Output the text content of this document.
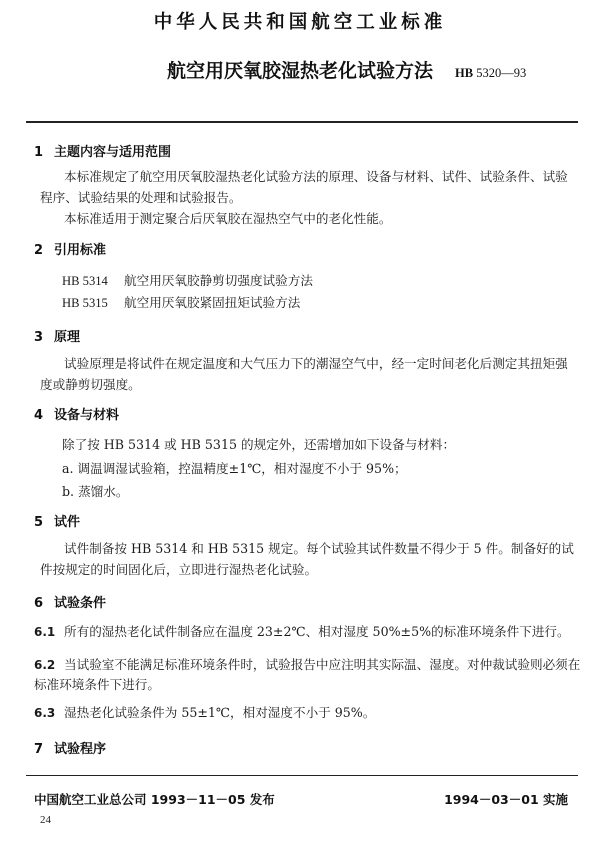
中华人民共和国航空工业标准
航空用厌氧胶湿热老化试验方法	HB 5320—93
1 主题内容与适用范围
本标准规定了航空用厌氧胶湿热老化试验方法的原理、设备与材料、试件、试验条件、试验程序、试验结果的处理和试验报告。
本标准适用于测定聚合后厌氧胶在湿热空气中的老化性能。
2 引用标准
HB 5314 航空用厌氧胶静剪切强度试验方法
HB 5315 航空用厌氧胶紧固扭矩试验方法
3 原理
试验原理是将试件在规定温度和大气压力下的潮湿空气中，经一定时间老化后测定其扭矩强度或静剪切强度。
4 设备与材料
除了按 HB 5314 或 HB 5315 的规定外，还需增加如下设备与材料：
a. 调温调湿试验箱，控温精度±1℃，相对湿度不小于 95%；
b. 蒸馏水。
5 试件
试件制备按 HB 5314 和 HB 5315 规定。每个试验其试件数量不得少于 5 件。制备好的试件按规定的时间固化后，立即进行湿热老化试验。
6 试验条件
6.1 所有的湿热老化试件制备应在温度 23±2℃、相对湿度 50%±5%的标准环境条件下进行。
6.2 当试验室不能满足标准环境条件时，试验报告中应注明其实际温、湿度。对仲裁试验则必须在标准环境条件下进行。
6.3 湿热老化试验条件为 55±1℃，相对湿度不小于 95%。
7 试验程序
中国航空工业总公司 1993－11－05 发布	1994－03－01 实施
24
